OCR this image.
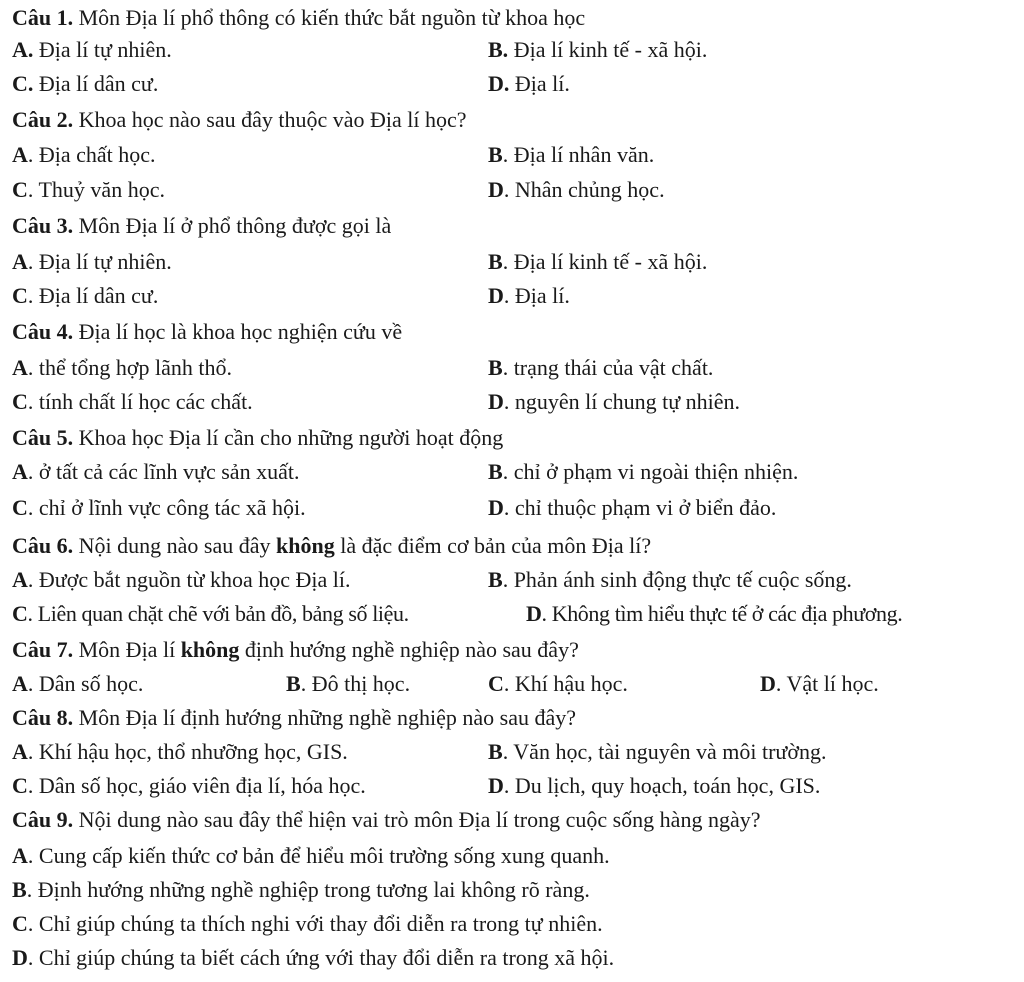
Câu 1. Môn Địa lí phổ thông có kiến thức bắt nguồn từ khoa học
A. Địa lí tự nhiên.	B. Địa lí kinh tế - xã hội.
C. Địa lí dân cư.	D. Địa lí.
Câu 2. Khoa học nào sau đây thuộc vào Địa lí học?
A. Địa chất học.	B. Địa lí nhân văn.
C. Thuỷ văn học.	D. Nhân chủng học.
Câu 3. Môn Địa lí ở phổ thông được gọi là
A. Địa lí tự nhiên.	B. Địa lí kinh tế - xã hội.
C. Địa lí dân cư.	D. Địa lí.
Câu 4. Địa lí học là khoa học nghiện cứu về
A. thể tổng hợp lãnh thổ.	B. trạng thái của vật chất.
C. tính chất lí học các chất.	D. nguyên lí chung tự nhiên.
Câu 5. Khoa học Địa lí cần cho những người hoạt động
A. ở tất cả các lĩnh vực sản xuất.	B. chỉ ở phạm vi ngoài thiện nhiện.
C. chỉ ở lĩnh vực công tác xã hội.	D. chỉ thuộc phạm vi ở biển đảo.
Câu 6. Nội dung nào sau đây không là đặc điểm cơ bản của môn Địa lí?
A. Được bắt nguồn từ khoa học Địa lí.	B. Phản ánh sinh động thực tế cuộc sống.
C. Liên quan chặt chẽ với bản đồ, bảng số liệu.	D. Không tìm hiểu thực tế ở các địa phương.
Câu 7. Môn Địa lí không định hướng nghề nghiệp nào sau đây?
A. Dân số học.	B. Đô thị học.	C. Khí hậu học.	D. Vật lí học.
Câu 8. Môn Địa lí định hướng những nghề nghiệp nào sau đây?
A. Khí hậu học, thổ nhưỡng học, GIS.	B. Văn học, tài nguyên và môi trường.
C. Dân số học, giáo viên địa lí, hóa học.	D. Du lịch, quy hoạch, toán học, GIS.
Câu 9. Nội dung nào sau đây thể hiện vai trò môn Địa lí trong cuộc sống hàng ngày?
A. Cung cấp kiến thức cơ bản để hiểu môi trường sống xung quanh.
B. Định hướng những nghề nghiệp trong tương lai không rõ ràng.
C. Chỉ giúp chúng ta thích nghi với thay đổi diễn ra trong tự nhiên.
D. Chỉ giúp chúng ta biết cách ứng với thay đổi diễn ra trong xã hội.
